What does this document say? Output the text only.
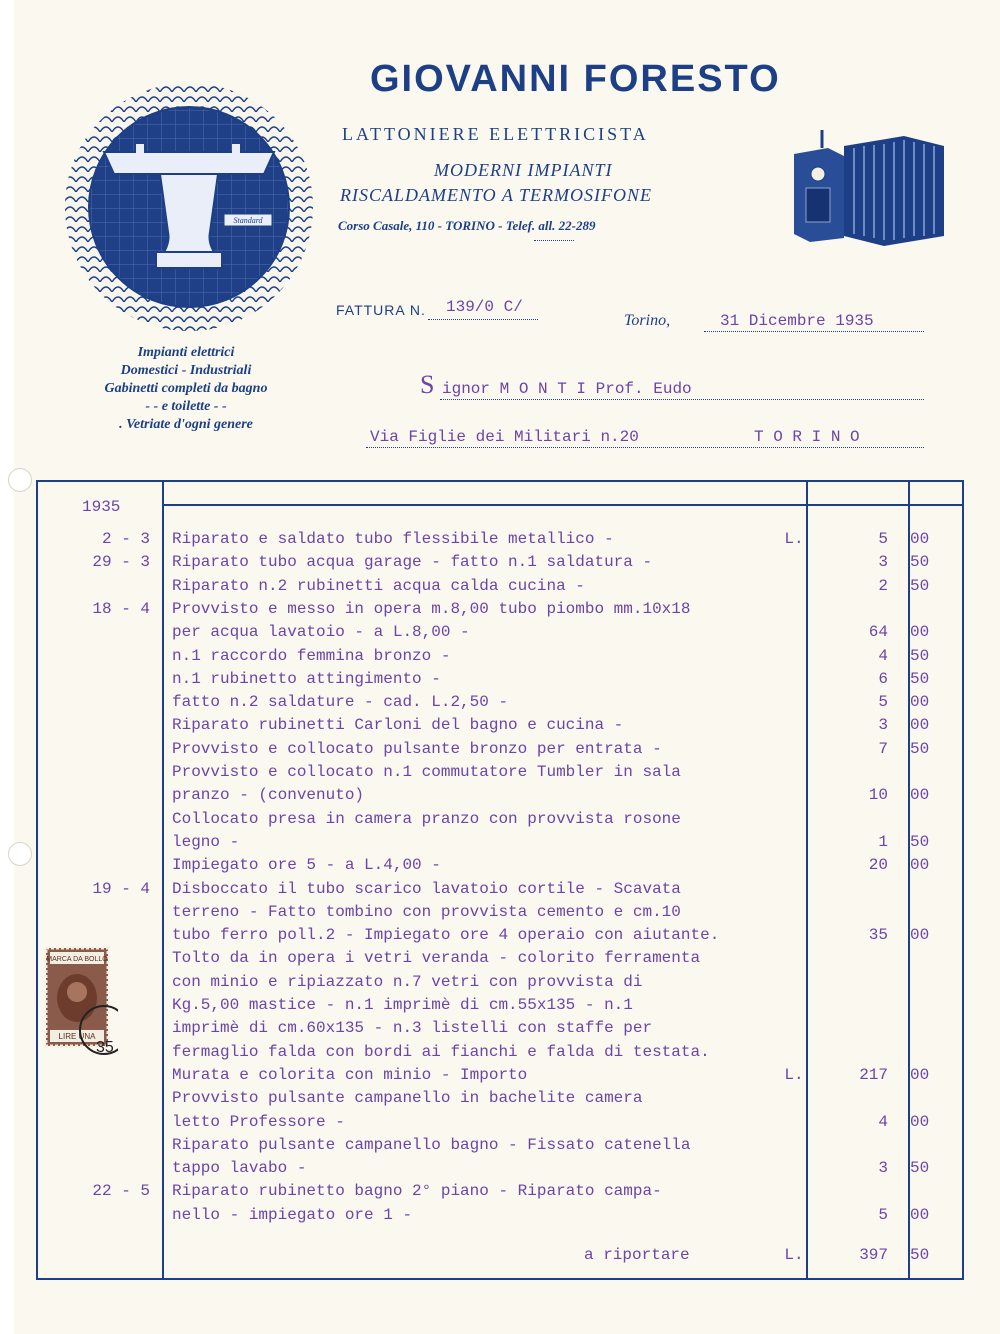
Standard
GIOVANNI FORESTO
LATTONIERE ELETTRICISTA
MODERNI IMPIANTI
RISCALDAMENTO A TERMOSIFONE
Corso Casale, 110 - TORINO - Telef. all. 22-289
Impianti elettrici
Domestici - Industriali
Gabinetti completi da bagno
- - e toilette - -
. Vetriate d'ogni genere
FATTURA N. 139/0 C/
Torino,	31 Dicembre 1935
S ignor M O N T I Prof. Eudo
Via Figlie dei Militari n.20	T O R I N O
1935
2 - 3 Riparato e saldato tubo flessibile metallico -	L.	5 00
29 - 3 Riparato tubo acqua garage - fatto n.1 saldatura -	3 50
Riparato n.2 rubinetti acqua calda cucina -	2 50
18 - 4 Provvisto e messo in opera m.8,00 tubo piombo mm.10x18
per acqua lavatoio - a L.8,00 -	64 00
n.1 raccordo femmina bronzo -	4 50
n.1 rubinetto attingimento -	6 50
fatto n.2 saldature - cad. L.2,50 -	5 00
Riparato rubinetti Carloni del bagno e cucina -	3 00
Provvisto e collocato pulsante bronzo per entrata -	7 50
Provvisto e collocato n.1 commutatore Tumbler in sala
pranzo - (convenuto)	10 00
Collocato presa in camera pranzo con provvista rosone
legno -	1 50
Impiegato ore 5 - a L.4,00 -	20 00
19 - 4 Disboccato il tubo scarico lavatoio cortile - Scavata
terreno - Fatto tombino con provvista cemento e cm.10
tubo ferro poll.2 - Impiegato ore 4 operaio con aiutante.	35 00
Tolto da in opera i vetri veranda - colorito ferramenta
con minio e ripiazzato n.7 vetri con provvista di
Kg.5,00 mastice - n.1 imprimè di cm.55x135 - n.1
imprimè di cm.60x135 - n.3 listelli con staffe per
fermaglio falda con bordi ai fianchi e falda di testata.
Murata e colorita con minio - Importo	L.	217 00
Provvisto pulsante campanello in bachelite camera
letto Professore -	4 00
Riparato pulsante campanello bagno - Fissato catenella
tappo lavabo -	3 50
22 - 5 Riparato rubinetto bagno 2° piano - Riparato campa-
nello - impiegato ore 1 -	5 00
a riportare	L.	397 50
MARCA DA BOLLO
LIRE UNA
35
